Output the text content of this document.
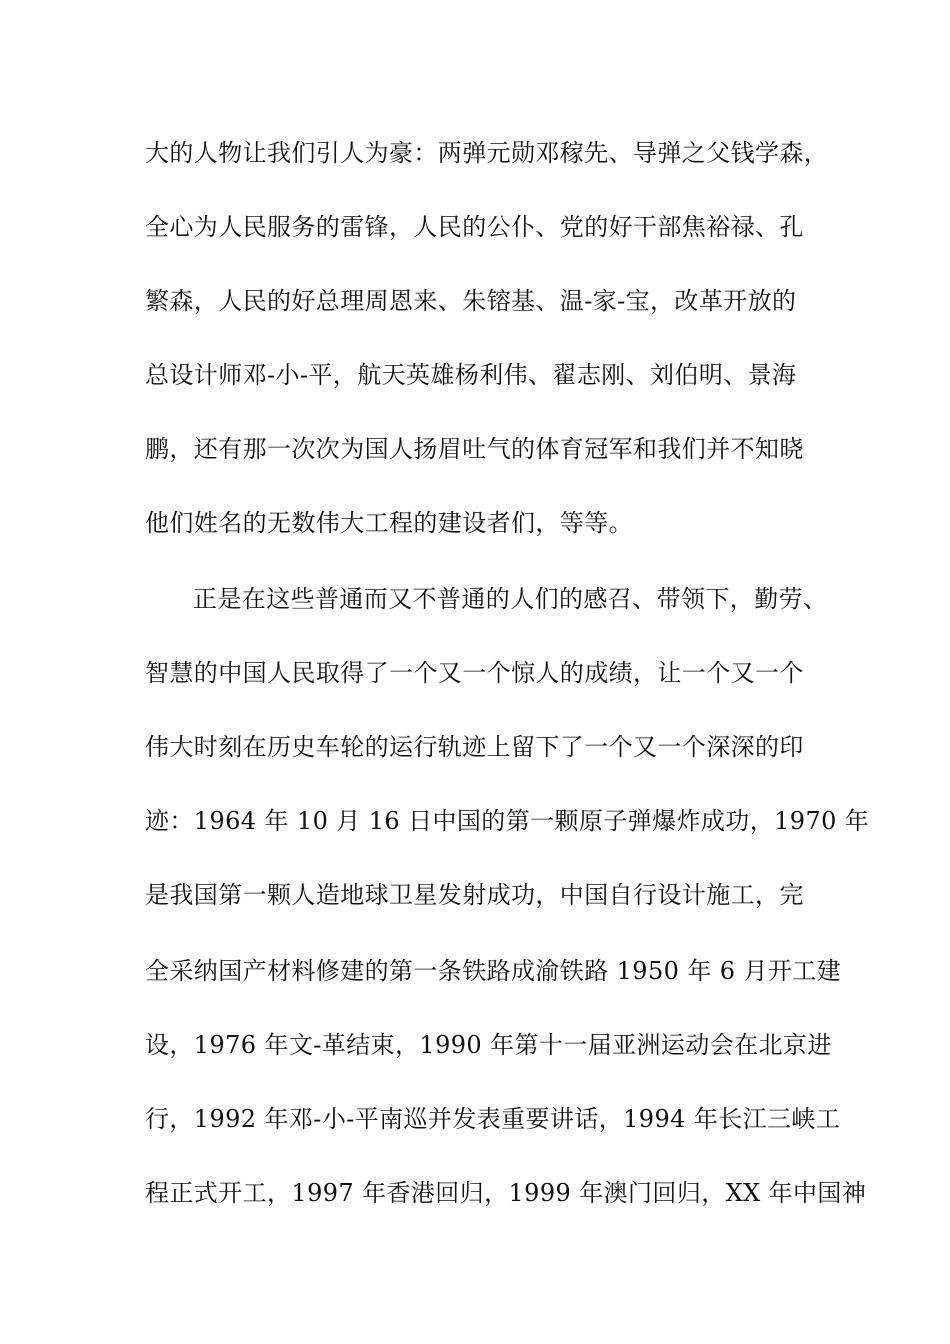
大的人物让我们引人为豪：两弹元勋邓稼先、导弹之父钱学森，
全心为人民服务的雷锋，人民的公仆、党的好干部焦裕禄、孔
繁森，人民的好总理周恩来、朱镕基、温-家-宝，改革开放的
总设计师邓-小-平，航天英雄杨利伟、翟志刚、刘伯明、景海
鹏，还有那一次次为国人扬眉吐气的体育冠军和我们并不知晓
他们姓名的无数伟大工程的建设者们，等等。
正是在这些普通而又不普通的人们的感召、带领下，勤劳、
智慧的中国人民取得了一个又一个惊人的成绩，让一个又一个
伟大时刻在历史车轮的运行轨迹上留下了一个又一个深深的印
迹：1964 年 10 月 16 日中国的第一颗原子弹爆炸成功，1970 年
是我国第一颗人造地球卫星发射成功，中国自行设计施工，完
全采纳国产材料修建的第一条铁路成渝铁路 1950 年 6 月开工建
设，1976 年文-革结束，1990 年第十一届亚洲运动会在北京进
行，1992 年邓-小-平南巡并发表重要讲话，1994 年长江三峡工
程正式开工，1997 年香港回归，1999 年澳门回归，XX 年中国神
